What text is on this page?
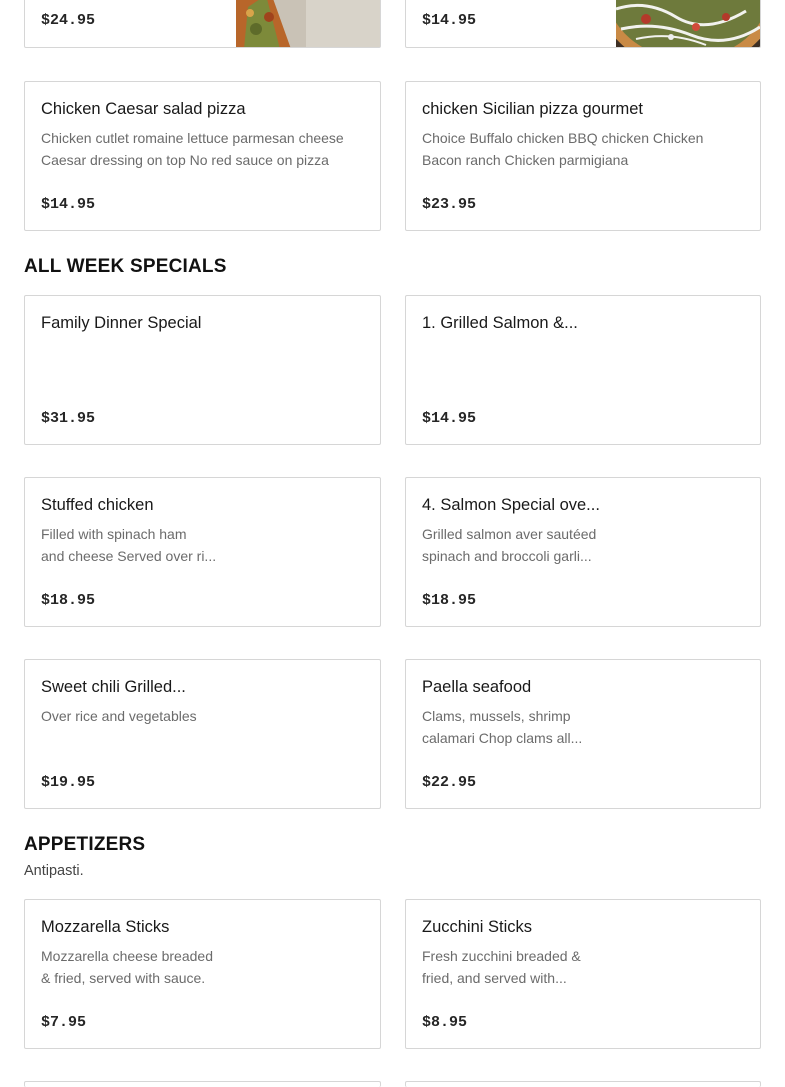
$24.95	$14.95
Chicken Caesar salad pizza
Chicken cutlet romaine lettuce parmesan cheese
Caesar dressing on top No red sauce on pizza
$14.95
chicken Sicilian pizza gourmet
Choice Buffalo chicken BBQ chicken Chicken
Bacon ranch Chicken parmigiana
$23.95
ALL WEEK SPECIALS
Family Dinner Special
$31.95
1. Grilled Salmon &...
$14.95
Stuffed chicken
Filled with spinach ham
and cheese Served over ri...
$18.95
4. Salmon Special ove...
Grilled salmon aver sautéed
spinach and broccoli garli...
$18.95
Sweet chili Grilled...
Over rice and vegetables
$19.95
Paella seafood
Clams, mussels, shrimp
calamari Chop clams all...
$22.95
APPETIZERS
Antipasti.
Mozzarella Sticks
Mozzarella cheese breaded
& fried, served with sauce.
$7.95
Zucchini Sticks
Fresh zucchini breaded &
fried, and served with...
$8.95
